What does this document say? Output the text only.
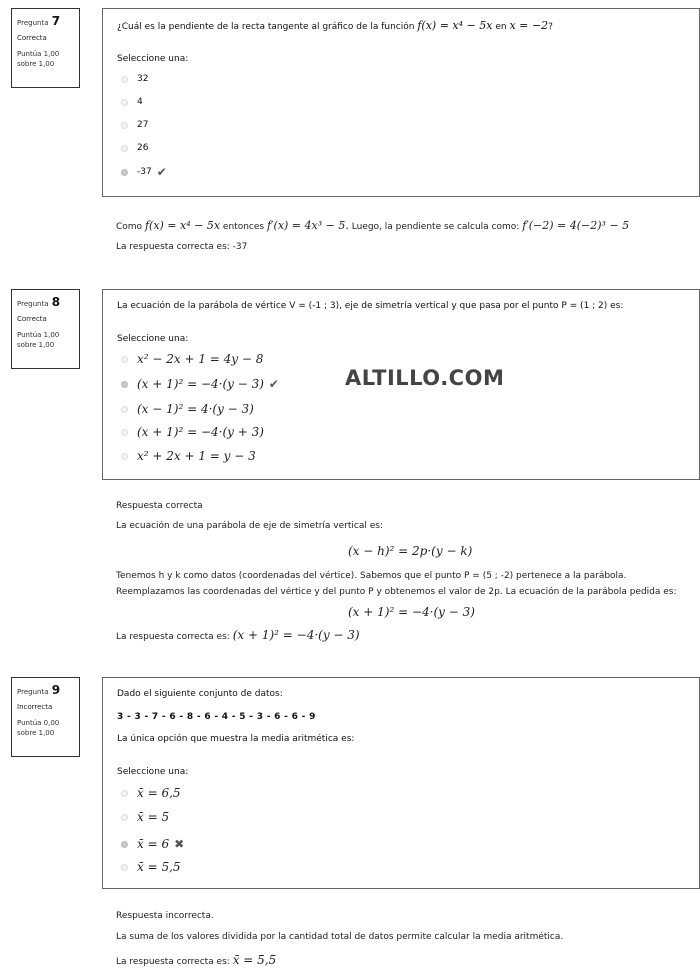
Pregunta 7
Correcta
Puntúa 1,00
sobre 1,00
¿Cuál es la pendiente de la recta tangente al gráfico de la función f(x) = x⁴ − 5x en x = −2?
Seleccione una:
32
4
27
26
-37 ✔
Como f(x) = x⁴ − 5x entonces f′(x) = 4x³ − 5. Luego, la pendiente se calcula como: f′(−2) = 4(−2)³ − 5
La respuesta correcta es: -37
Pregunta 8
Correcta
Puntúa 1,00
sobre 1,00
La ecuación de la parábola de vértice V = (-1 ; 3), eje de simetría vertical y que pasa por el punto P = (1 ; 2) es:
Seleccione una:
x² − 2x + 1 = 4y − 8
(x + 1)² = −4·(y − 3) ✔
(x − 1)² = 4·(y − 3)
(x + 1)² = −4·(y + 3)
x² + 2x + 1 = y − 3
ALTILLO.COM
Respuesta correcta
La ecuación de una parábola de eje de simetría vertical es:
(x − h)² = 2p·(y − k)
Tenemos h y k como datos (coordenadas del vértice). Sabemos que el punto P = (5 ; -2) pertenece a la parábola.
Reemplazamos las coordenadas del vértice y del punto P y obtenemos el valor de 2p. La ecuación de la parábola pedida es:
(x + 1)² = −4·(y − 3)
La respuesta correcta es: (x + 1)² = −4·(y − 3)
Pregunta 9
Incorrecta
Puntúa 0,00
sobre 1,00
Dado el siguiente conjunto de datos:
3 - 3 - 7 - 6 - 8 - 6 - 4 - 5 - 3 - 6 - 6 - 9
La única opción que muestra la media aritmética es:
Seleccione una:
x̄ = 6,5
x̄ = 5
x̄ = 6 ✖
x̄ = 5,5
Respuesta incorrecta.
La suma de los valores dividida por la cantidad total de datos permite calcular la media aritmética.
La respuesta correcta es: x̄ = 5,5
